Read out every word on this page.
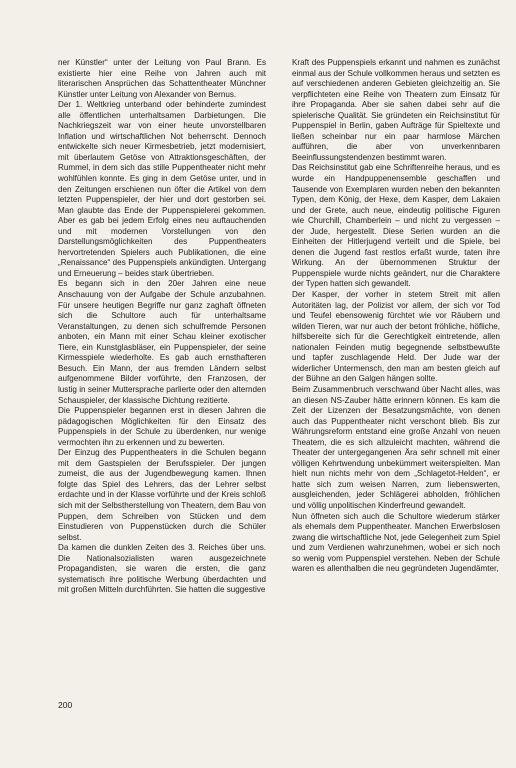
ner Künstler“ unter der Leitung von Paul Brann. Es existierte hier eine Reihe von Jahren auch mit literarischen Ansprüchen das Schattentheater Münchner Künstler unter Leitung von Alexander von Bernus.

Der 1. Weltkrieg unterband oder behinderte zumindest alle öffentlichen unterhaltsamen Darbietungen. Die Nachkriegszeit war von einer heute unvorstellbaren Inflation und wirtschaftlichen Not beherrscht. Dennoch entwickelte sich neuer Kirmesbetrieb, jetzt modernisiert, mit überlautem Getöse von Attraktionsgeschäften, der Rummel, in dem sich das stille Puppentheater nicht mehr wohlfühlen konnte. Es ging in dem Getöse unter, und in den Zeitungen erschienen nun öfter die Artikel von dem letzten Puppenspieler, der hier und dort gestorben sei. Man glaubte das Ende der Puppenspielerei gekommen. Aber es gab bei jedem Erfolg eines neu auftauchenden und mit modernen Vorstellungen von den Darstellungsmöglichkeiten des Puppentheaters hervortretenden Spielers auch Publikationen, die eine „Renaissance“ des Puppenspiels ankündigten. Untergang und Erneuerung – beides stark übertrieben.

Es begann sich in den 20er Jahren eine neue Anschauung von der Aufgabe der Schule anzubahnen. Für unsere heutigen Begriffe nur ganz zaghaft öffneten sich die Schultore auch für unterhaltsame Veranstaltungen, zu denen sich schulfremde Personen anboten, ein Mann mit einer Schau kleiner exotischer Tiere, ein Kunstglasbläser, ein Puppenspieler, der seine Kirmesspiele wiederholte. Es gab auch ernsthafteren Besuch. Ein Mann, der aus fremden Ländern selbst aufgenommene Bilder vorführte, den Franzosen, der lustig in seiner Muttersprache parlierte oder den alternden Schauspieler, der klassische Dichtung rezitierte.

Die Puppenspieler begannen erst in diesen Jahren die pädagogischen Möglichkeiten für den Einsatz des Puppenspiels in der Schule zu überdenken, nur wenige vermochten ihn zu erkennen und zu bewerten.

Der Einzug des Puppentheaters in die Schulen begann mit dem Gastspielen der Berufsspieler. Der jungen zumeist, die aus der Jugendbewegung kamen. Ihnen folgte das Spiel des Lehrers, das der Lehrer selbst erdachte und in der Klasse vorführte und der Kreis schloß sich mit der Selbstherstellung von Theatern, dem Bau von Puppen, dem Schreiben von Stücken und dem Einstudieren von Puppenstücken durch die Schüler selbst.

Da kamen die dunklen Zeiten des 3. Reiches über uns. Die Nationalsozialisten waren ausgezeichnete Propagandisten, sie waren die ersten, die ganz systematisch ihre politische Werbung überdachten und mit großen Mitteln durchführten. Sie hatten die suggestive

Kraft des Puppenspiels erkannt und nahmen es zunächst einmal aus der Schule vollkommen heraus und setzten es auf verschiedenen anderen Gebieten gleichzeitig an. Sie verpflichteten eine Reihe von Theatern zum Einsatz für ihre Propaganda. Aber sie sahen dabei sehr auf die spielerische Qualität. Sie gründeten ein Reichsinstitut für Puppenspiel in Berlin, gaben Aufträge für Spieltexte und ließen scheinbar nur ein paar harmlose Märchen aufführen, die aber von unverkennbaren Beeinflussungstendenzen bestimmt waren.

Das Reichsinstitut gab eine Schriftenreihe heraus, und es wurde ein Handpuppenensemble geschaffen und Tausende von Exemplaren wurden neben den bekannten Typen, dem König, der Hexe, dem Kasper, dem Lakaien und der Grete, auch neue, eindeutig politische Figuren wie Churchill, Chamberlein – und nicht zu vergessen – der Jude, hergestellt. Diese Serien wurden an die Einheiten der Hitlerjugend verteilt und die Spiele, bei denen die Jugend fast restlos erfaßt wurde, taten ihre Wirkung. An der übernommenen Struktur der Puppenspiele wurde nichts geändert, nur die Charaktere der Typen hatten sich gewandelt.

Der Kasper, der vorher in stetem Streit mit allen Autoritäten lag, der Polizist vor allem, der sich vor Tod und Teufel ebensowenig fürchtet wie vor Räubern und wilden Tieren, war nur auch der betont fröhliche, höfliche, hilfsbereite sich für die Gerechtigkeit eintretende, allen nationalen Feinden mutig begegnende selbstbewußte und tapfer zuschlagende Held. Der Jude war der widerlicher Untermensch, den man am besten gleich auf der Bühne an den Galgen hängen sollte.

Beim Zusammenbruch verschwand über Nacht alles, was an diesen NS-Zauber hätte erinnern können. Es kam die Zeit der Lizenzen der Besatzungsmächte, von denen auch das Puppentheater nicht verschont blieb. Bis zur Währungsreform entstand eine große Anzahl von neuen Theatern, die es sich allzuleicht machten, während die Theater der untergegangenen Ära sehr schnell mit einer völligen Kehrtwendung unbekümmert weiterspielten. Man hielt nun nichts mehr von dem „Schlagetot-Helden“, er hatte sich zum weisen Narren, zum liebenswerten, ausgleichenden, jeder Schlägerei abholden, fröhlichen und völlig unpolitischen Kinderfreund gewandelt.

Nun öffneten sich auch die Schultore wiederum stärker als ehemals dem Puppentheater. Manchen Erwerbslosen zwang die wirtschaftliche Not, jede Gelegenheit zum Spiel und zum Verdienen wahrzunehmen, wobei er sich noch so wenig vom Puppenspiel verstehen. Neben der Schule waren es allenthalben die neu gegründeten Jugendämter,

200
